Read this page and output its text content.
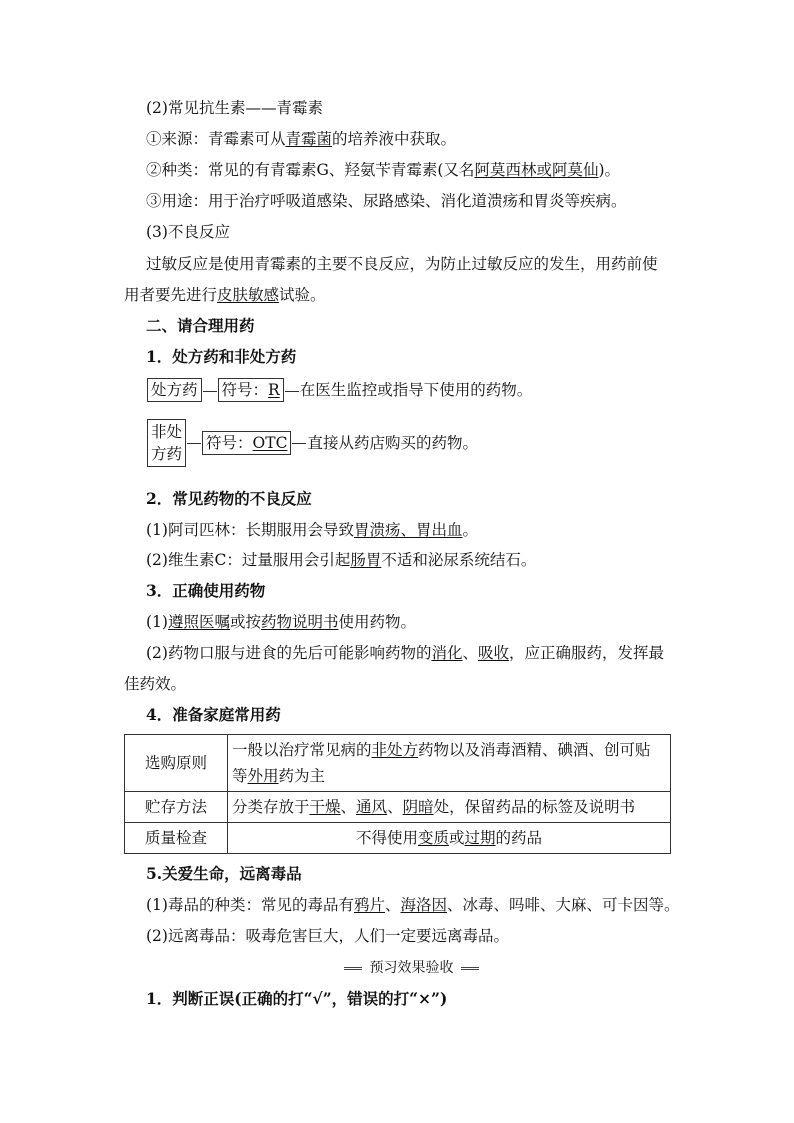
(2)常见抗生素——青霉素
①来源：青霉素可从青霉菌的培养液中获取。
②种类：常见的有青霉素G、羟氨苄青霉素(又名阿莫西林或阿莫仙)。
③用途：用于治疗呼吸道感染、尿路感染、消化道溃疡和胃炎等疾病。
(3)不良反应
过敏反应是使用青霉素的主要不良反应，为防止过敏反应的发生，用药前使
用者要先进行皮肤敏感试验。
二、请合理用药
1．处方药和非处方药
处方药 符号：R 在医生监控或指导下使用的药物。
非处
方药符号：OTC 直接从药店购买的药物。
2．常见药物的不良反应
(1)阿司匹林：长期服用会导致胃溃疡、胃出血。
(2)维生素C：过量服用会引起肠胃不适和泌尿系统结石。
3．正确使用药物
(1)遵照医嘱或按药物说明书使用药物。
(2)药物口服与进食的先后可能影响药物的消化、吸收，应正确服药，发挥最
佳药效。
4．准备家庭常用药
选购原则	一般以治疗常见病的非处方药物以及消毒酒精、碘酒、创可贴等外用药为主
贮存方法	分类存放于干燥、通风、阴暗处，保留药品的标签及说明书
质量检查	不得使用变质或过期的药品
5.关爱生命，远离毒品
(1)毒品的种类：常见的毒品有鸦片、海洛因、冰毒、吗啡、大麻、可卡因等。
(2)远离毒品：吸毒危害巨大，人们一定要远离毒品。
预习效果验收
1．判断正误(正确的打“√”，错误的打“×”)
